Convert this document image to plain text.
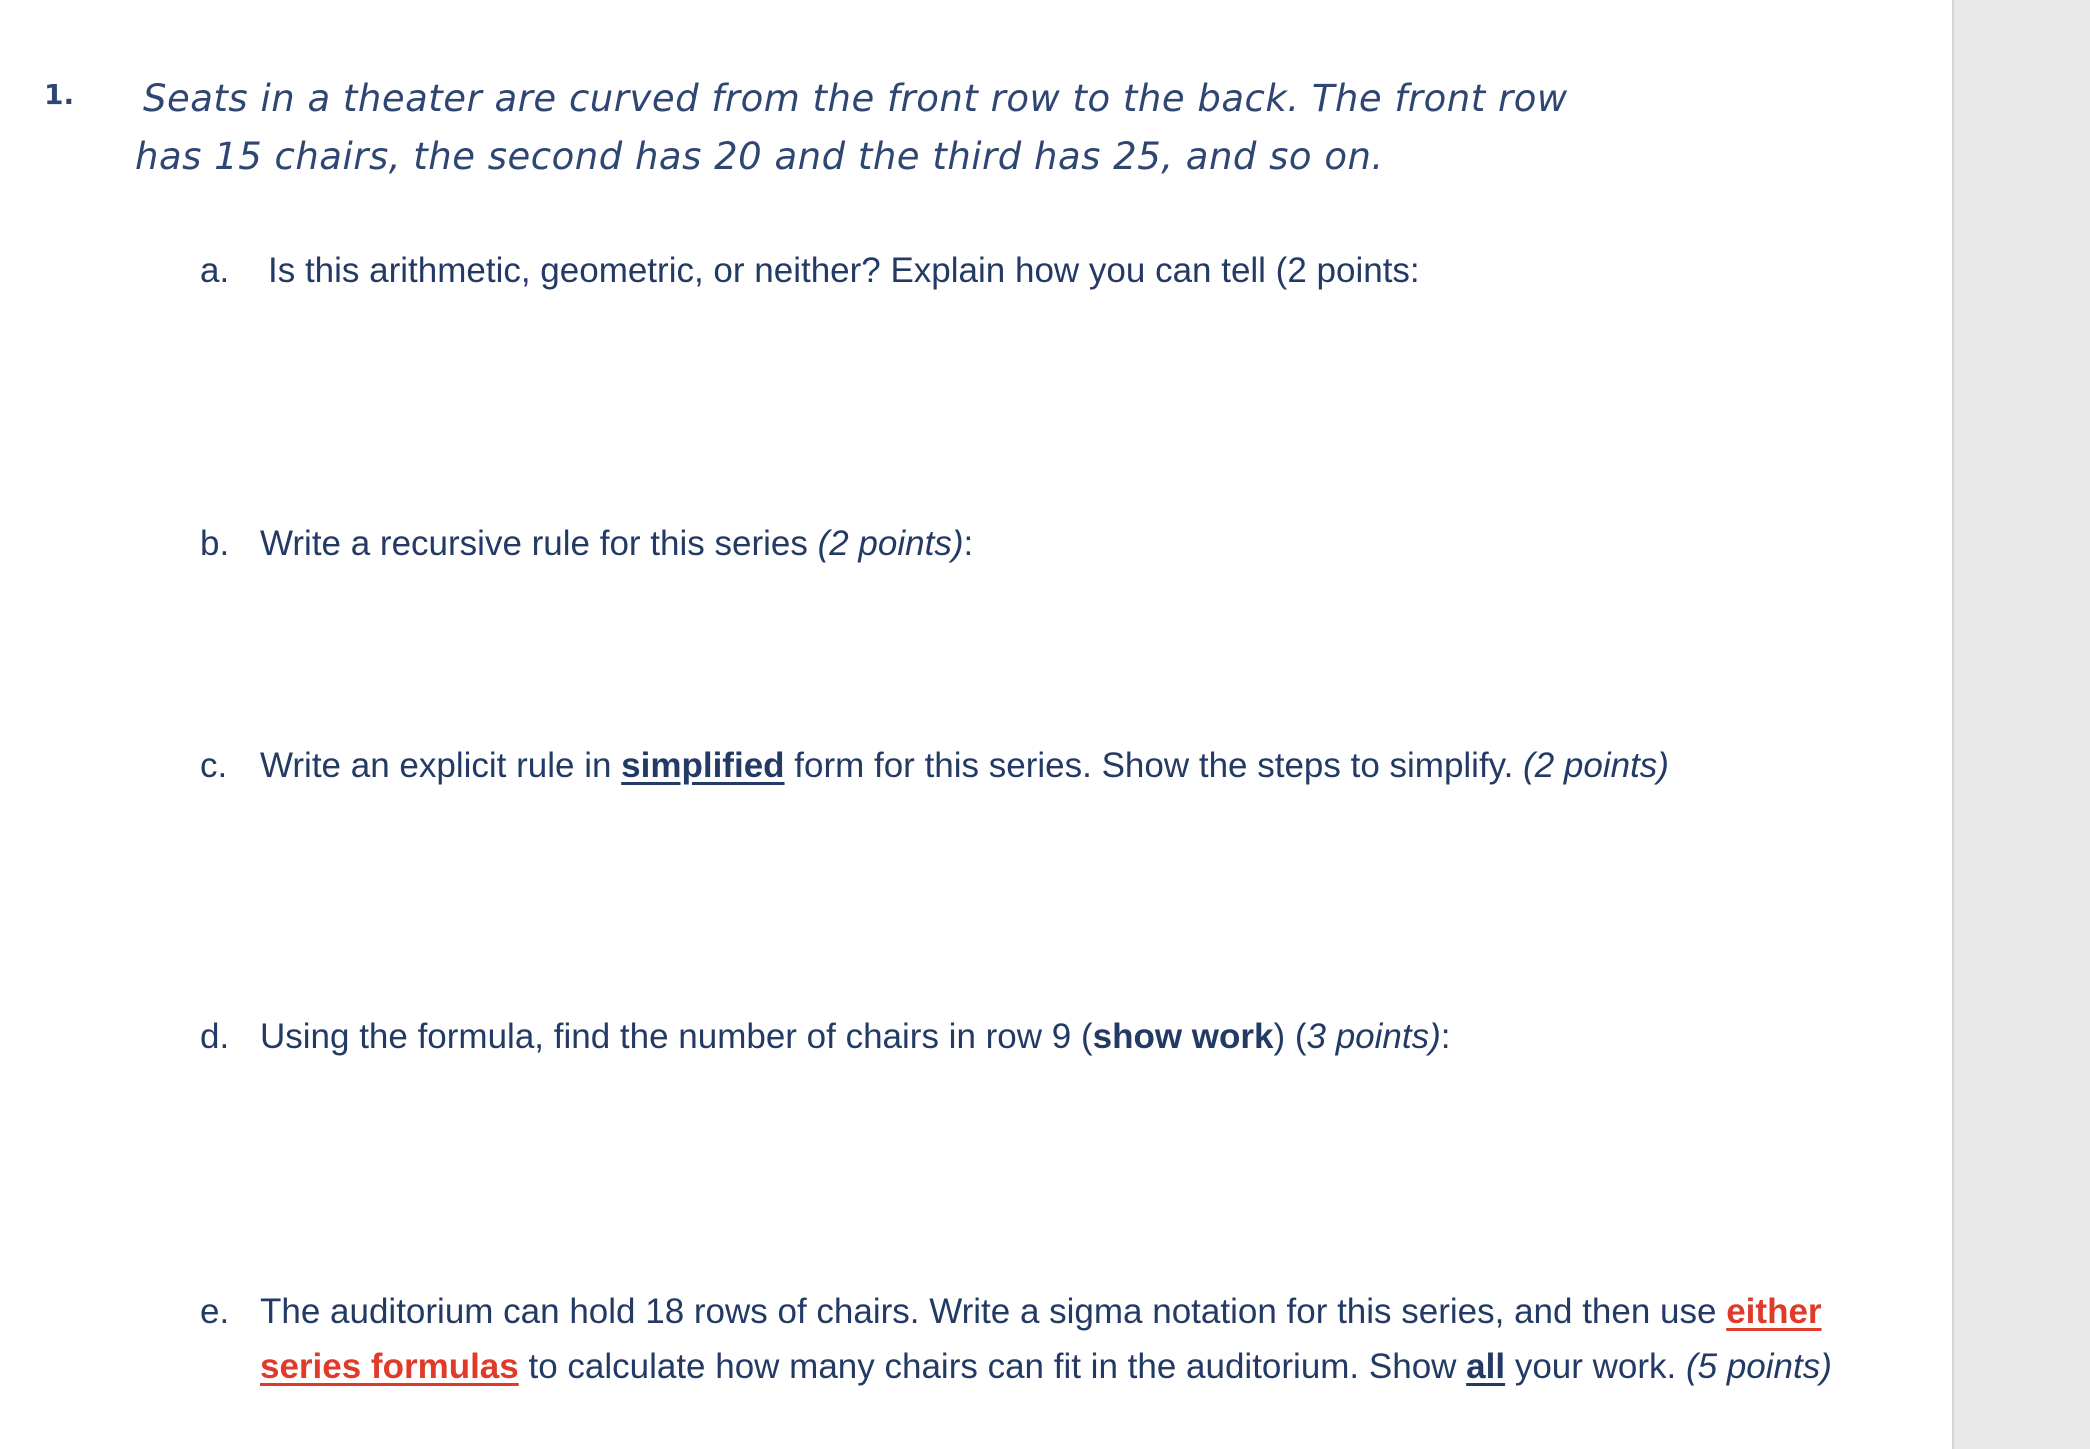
1. Seats in a theater are curved from the front row to the back. The front row
has 15 chairs, the second has 20 and the third has 25, and so on.
a. Is this arithmetic, geometric, or neither? Explain how you can tell (2 points:
b. Write a recursive rule for this series (2 points):
c. Write an explicit rule in simplified form for this series. Show the steps to simplify. (2 points)
d. Using the formula, find the number of chairs in row 9 (show work) (3 points):
e. The auditorium can hold 18 rows of chairs. Write a sigma notation for this series, and then use either
series formulas to calculate how many chairs can fit in the auditorium. Show all your work. (5 points)
